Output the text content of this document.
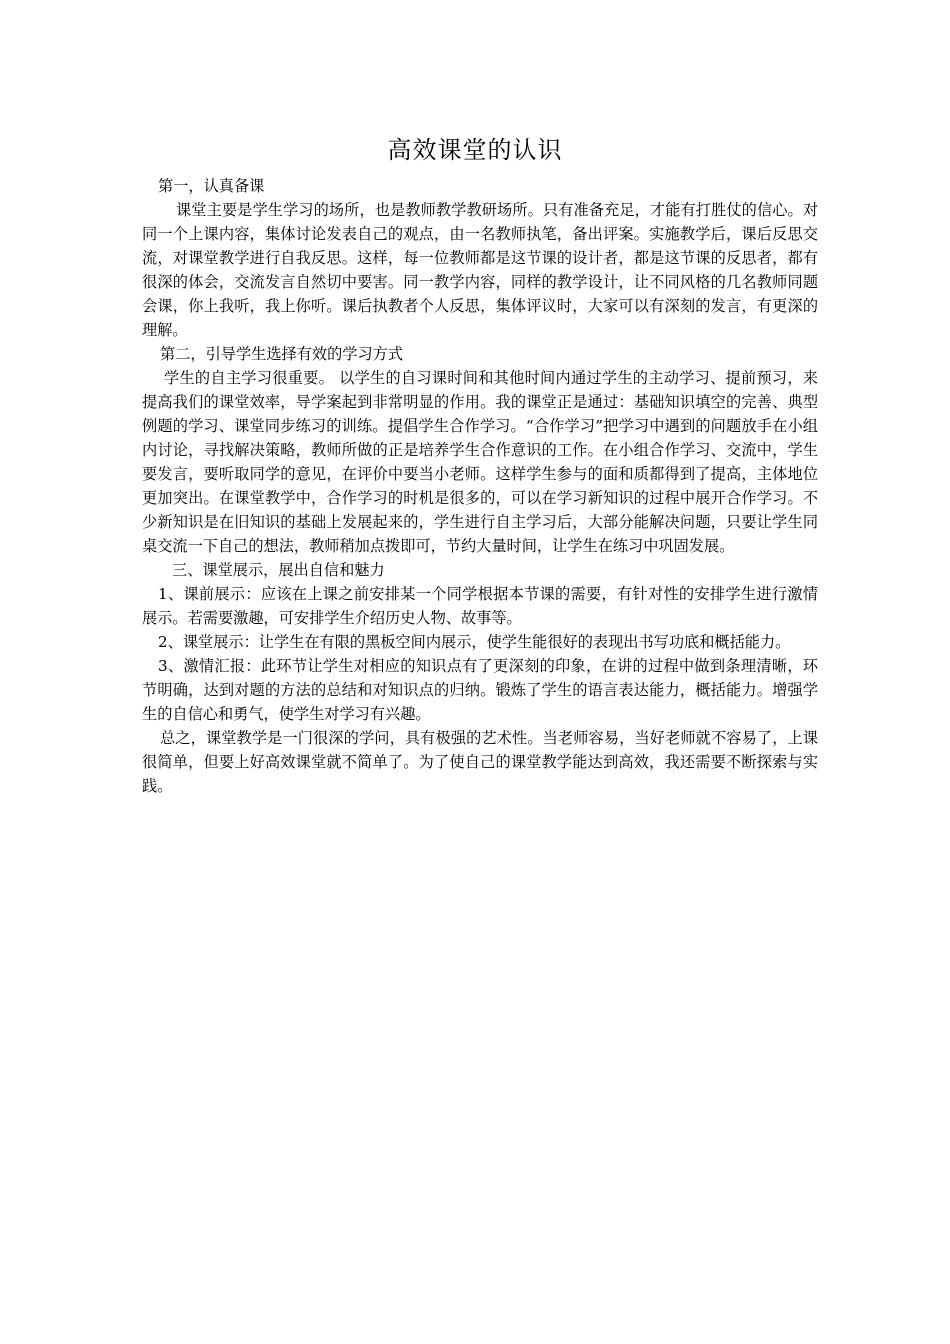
高效课堂的认识

第一，认真备课

课堂主要是学生学习的场所，也是教师教学教研场所。只有准备充足，才能有打胜仗的信心。对同一个上课内容，集体讨论发表自己的观点，由一名教师执笔，备出评案。实施教学后，课后反思交流，对课堂教学进行自我反思。这样，每一位教师都是这节课的设计者，都是这节课的反思者，都有很深的体会，交流发言自然切中要害。同一教学内容，同样的教学设计，让不同风格的几名教师同题会课，你上我听，我上你听。课后执教者个人反思，集体评议时，大家可以有深刻的发言，有更深的理解。

第二，引导学生选择有效的学习方式

学生的自主学习很重要。 以学生的自习课时间和其他时间内通过学生的主动学习、提前预习，来提高我们的课堂效率，导学案起到非常明显的作用。我的课堂正是通过：基础知识填空的完善、典型例题的学习、课堂同步练习的训练。提倡学生合作学习。“合作学习”把学习中遇到的问题放手在小组内讨论，寻找解决策略，教师所做的正是培养学生合作意识的工作。在小组合作学习、交流中，学生要发言，要听取同学的意见，在评价中要当小老师。这样学生参与的面和质都得到了提高，主体地位更加突出。在课堂教学中，合作学习的时机是很多的，可以在学习新知识的过程中展开合作学习。不少新知识是在旧知识的基础上发展起来的，学生进行自主学习后，大部分能解决问题，只要让学生同桌交流一下自己的想法，教师稍加点拨即可，节约大量时间，让学生在练习中巩固发展。

三、课堂展示，展出自信和魅力

1、课前展示：应该在上课之前安排某一个同学根据本节课的需要，有针对性的安排学生进行激情展示。若需要激趣，可安排学生介绍历史人物、故事等。

2、课堂展示：让学生在有限的黑板空间内展示，使学生能很好的表现出书写功底和概括能力。

3、激情汇报：此环节让学生对相应的知识点有了更深刻的印象，在讲的过程中做到条理清晰，环节明确，达到对题的方法的总结和对知识点的归纳。锻炼了学生的语言表达能力，概括能力。增强学生的自信心和勇气，使学生对学习有兴趣。

总之，课堂教学是一门很深的学问，具有极强的艺术性。当老师容易，当好老师就不容易了，上课很简单，但要上好高效课堂就不简单了。为了使自己的课堂教学能达到高效，我还需要不断探索与实践。
